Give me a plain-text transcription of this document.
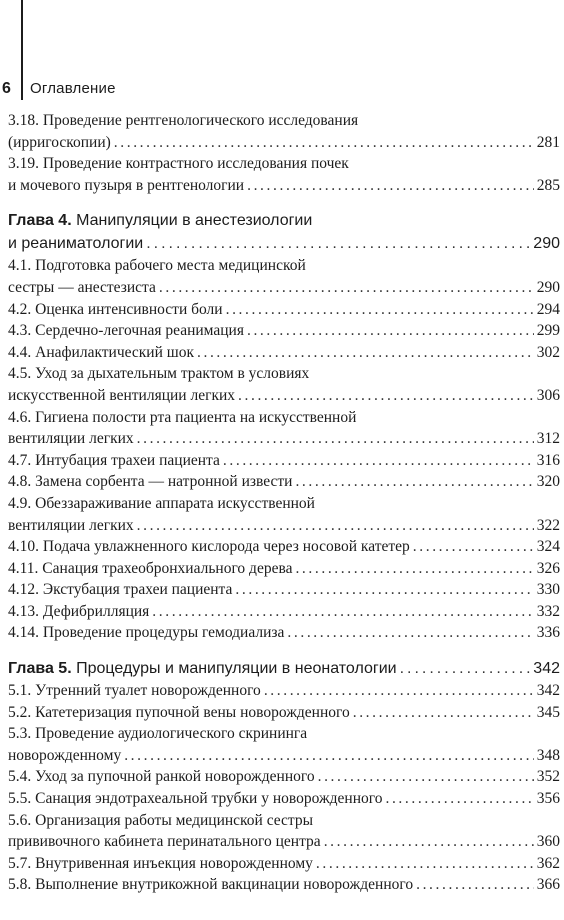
6 Оглавление
3.18. Проведение рентгенологического исследования
(ирригоскопии) .....	281
3.19. Проведение контрастного исследования почек
и мочевого пузыря в рентгенологии .....	285
Глава 4. Манипуляции в анестезиологии
и реаниматологии .....	290
4.1. Подготовка рабочего места медицинской
сестры — анестезиста .....	290
4.2. Оценка интенсивности боли .....	294
4.3. Сердечно-легочная реанимация .....	299
4.4. Анафилактический шок .....	302
4.5. Уход за дыхательным трактом в условиях
искусственной вентиляции легких .....	306
4.6. Гигиена полости рта пациента на искусственной
вентиляции легких .....	312
4.7. Интубация трахеи пациента .....	316
4.8. Замена сорбента — натронной извести .....	320
4.9. Обеззараживание аппарата искусственной
вентиляции легких .....	322
4.10. Подача увлажненного кислорода через носовой катетер .....	324
4.11. Санация трахеобронхиального дерева .....	326
4.12. Экстубация трахеи пациента .....	330
4.13. Дефибрилляция .....	332
4.14. Проведение процедуры гемодиализа .....	336
Глава 5. Процедуры и манипуляции в неонатологии .....	342
5.1. Утренний туалет новорожденного .....	342
5.2. Катетеризация пупочной вены новорожденного .....	345
5.3. Проведение аудиологического скрининга
новорожденному .....	348
5.4. Уход за пупочной ранкой новорожденного .....	352
5.5. Санация эндотрахеальной трубки у новорожденного .....	356
5.6. Организация работы медицинской сестры
прививочного кабинета перинатального центра .....	360
5.7. Внутривенная инъекция новорожденному .....	362
5.8. Выполнение внутрикожной вакцинации новорожденного .....	366
